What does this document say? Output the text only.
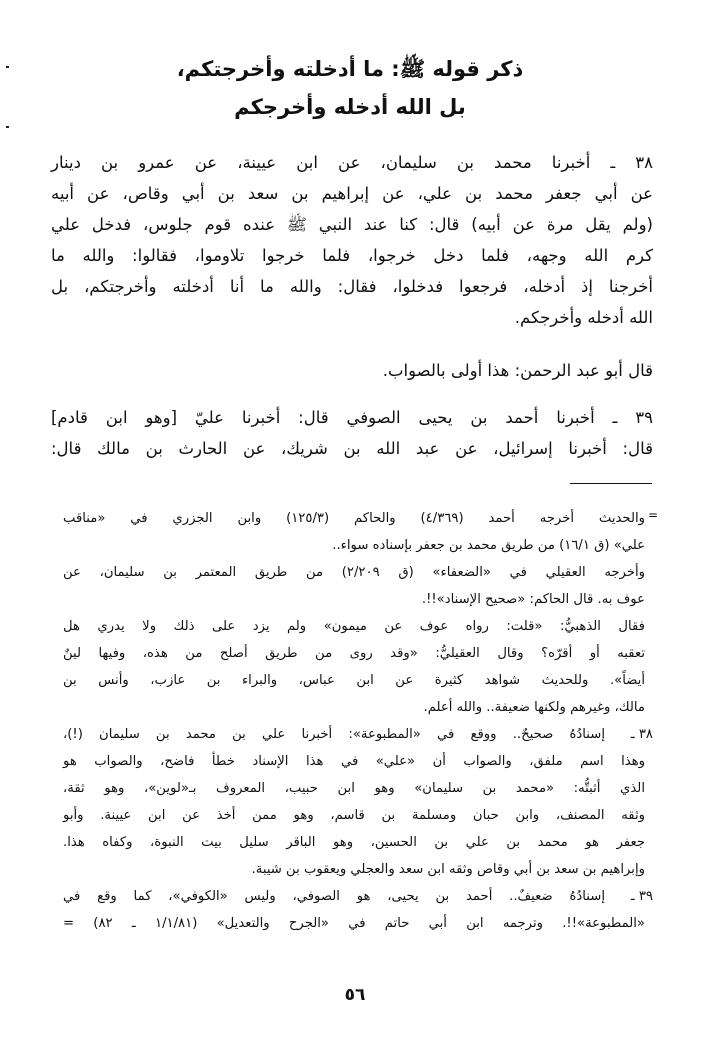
ذكر قوله ﷺ: ما أدخلته وأخرجتكم،
بل الله أدخله وأخرجكم
٣٨ ـ أخبرنا محمد بن سليمان، عن ابن عيينة، عن عمرو بن دينار
عن أبي جعفر محمد بن علي، عن إبراهيم بن سعد بن أبي وقاص، عن أبيه
(ولم يقل مرة عن أبيه) قال: كنا عند النبي ﷺ عنده قوم جلوس، فدخل علي
كرم الله وجهه، فلما دخل خرجوا، فلما خرجوا تلاوموا، فقالوا: والله ما
أخرجنا إذ أدخله، فرجعوا فدخلوا، فقال: والله ما أنا أدخلته وأخرجتكم، بل
الله أدخله وأخرجكم.
قال أبو عبد الرحمن: هذا أولى بالصواب.
٣٩ ـ أخبرنا أحمد بن يحيى الصوفي قال: أخبرنا عليّ [وهو ابن قادم]
قال: أخبرنا إسرائيل، عن عبد الله بن شريك، عن الحارث بن مالك قال:
=
والحديث أخرجه أحمد (٤/٣٦٩) والحاكم (١٢٥/٣) وابن الجزري في «مناقب
علي» (ق ١٦/١) من طريق محمد بن جعفر بإسناده سواء..
وأخرجه العقيلي في «الضعفاء» (ق ٢/٢٠٩) من طريق المعتمر بن سليمان، عن
عوف به. قال الحاكم: «صحيح الإسناد»!!.
فقال الذهبيُّ: «قلت: رواه عوف عن ميمون» ولم يزد على ذلك ولا يدري هل
تعقبه أو أقرّه؟ وقال العقيليُّ: «وقد روى من طريق أصلح من هذه، وفيها لينٌ
أيضاً». وللحديث شواهد كثيرة عن ابن عباس، والبراء بن عازب، وأنس بن
مالك، وغيرهم ولكنها ضعيفة.. والله أعلم.
٣٨ ـ
إسنادُهُ صحيحٌ.. ووقع في «المطبوعة»: أخبرنا علي بن محمد بن سليمان (!)،
وهذا اسم ملفق، والصواب أن «علي» في هذا الإسناد خطأ فاضح، والصواب هو
الذي أثبتُّه: «محمد بن سليمان» وهو ابن حبيب، المعروف بـ«لوين»، وهو ثقة،
وثقه المصنف، وابن حبان ومسلمة بن قاسم، وهو ممن أخذ عن ابن عيينة. وأبو
جعفر هو محمد بن علي بن الحسين، وهو الباقر سليل بيت النبوة، وكفاه هذا.
وإبراهيم بن سعد بن أبي وقاص وثقه ابن سعد والعجلي ويعقوب بن شيبة.
٣٩ ـ
إسنادُهُ ضعيفٌ.. أحمد بن يحيى، هو الصوفي، وليس «الكوفي»، كما وقع في
«المطبوعة»!!. وترجمه ابن أبي حاتم في «الجرح والتعديل» (١/١/٨١ ـ ٨٢) =
٥٦
